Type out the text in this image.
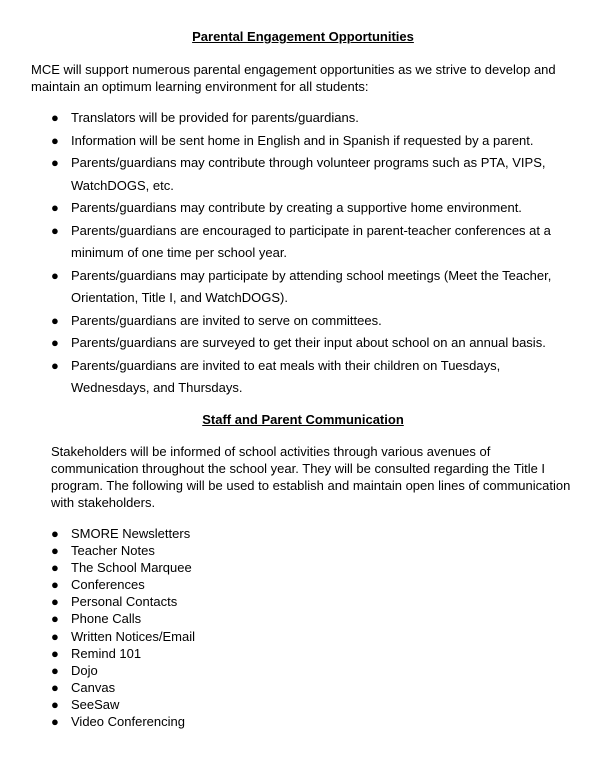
Parental Engagement Opportunities
MCE will support numerous parental engagement opportunities as we strive to develop and maintain an optimum learning environment for all students:
● Translators will be provided for parents/guardians.
● Information will be sent home in English and in Spanish if requested by a parent.
● Parents/guardians may contribute through volunteer programs such as PTA, VIPS, WatchDOGS, etc.
● Parents/guardians may contribute by creating a supportive home environment.
● Parents/guardians are encouraged to participate in parent-teacher conferences at a minimum of one time per school year.
● Parents/guardians may participate by attending school meetings (Meet the Teacher, Orientation, Title I, and WatchDOGS).
● Parents/guardians are invited to serve on committees.
● Parents/guardians are surveyed to get their input about school on an annual basis.
● Parents/guardians are invited to eat meals with their children on Tuesdays, Wednesdays, and Thursdays.
Staff and Parent Communication
Stakeholders will be informed of school activities through various avenues of communication throughout the school year. They will be consulted regarding the Title I program. The following will be used to establish and maintain open lines of communication with stakeholders.
● SMORE Newsletters
● Teacher Notes
● The School Marquee
● Conferences
● Personal Contacts
● Phone Calls
● Written Notices/Email
● Remind 101
● Dojo
● Canvas
● SeeSaw
● Video Conferencing
